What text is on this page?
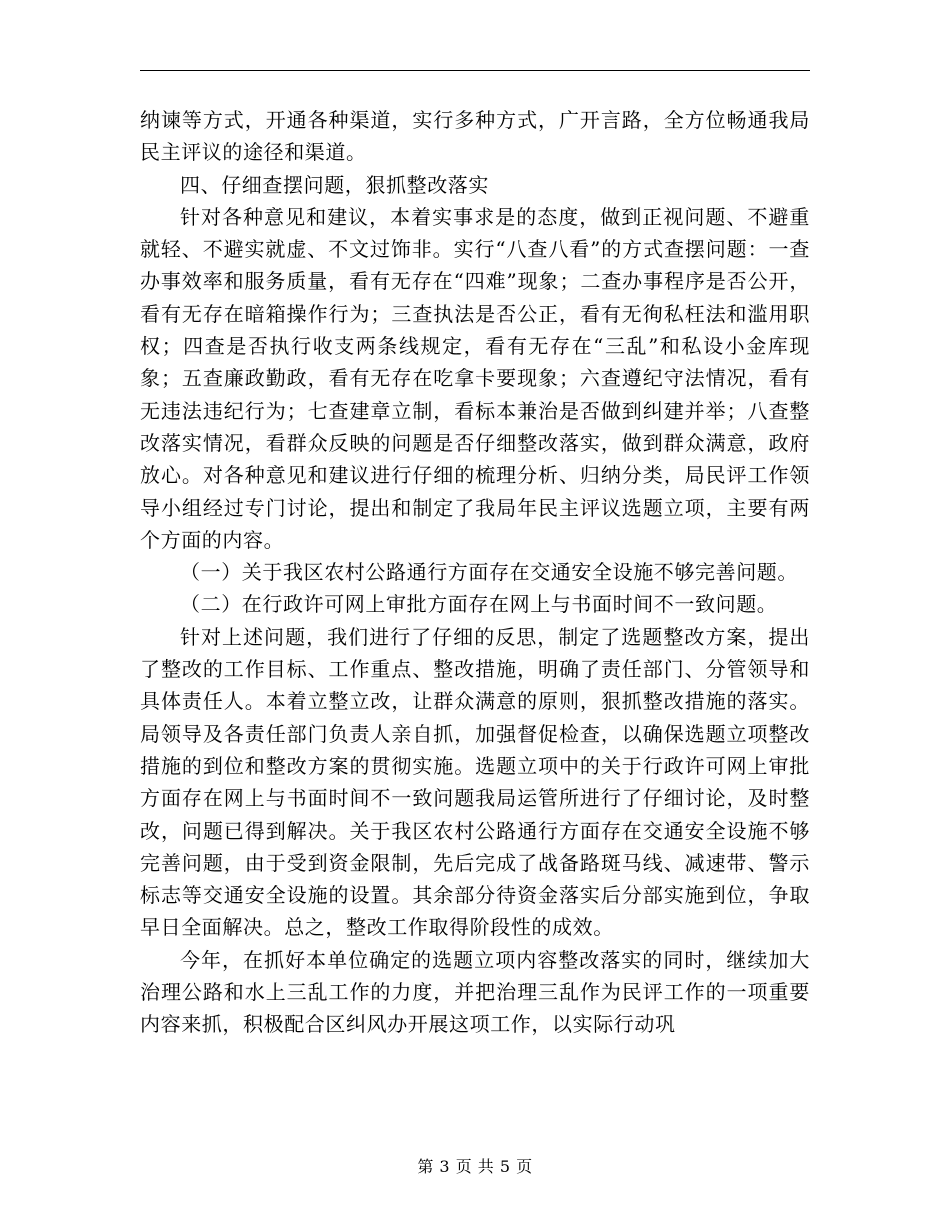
纳谏等方式，开通各种渠道，实行多种方式，广开言路，全方位畅通我局民主评议的途径和渠道。

四、仔细查摆问题，狠抓整改落实

针对各种意见和建议，本着实事求是的态度，做到正视问题、不避重就轻、不避实就虚、不文过饰非。实行“八查八看”的方式查摆问题：一查办事效率和服务质量，看有无存在“四难”现象；二查办事程序是否公开，看有无存在暗箱操作行为；三查执法是否公正，看有无徇私枉法和滥用职权；四查是否执行收支两条线规定，看有无存在“三乱”和私设小金库现象；五查廉政勤政，看有无存在吃拿卡要现象；六查遵纪守法情况，看有无违法违纪行为；七查建章立制，看标本兼治是否做到纠建并举；八查整改落实情况，看群众反映的问题是否仔细整改落实，做到群众满意，政府放心。对各种意见和建议进行仔细的梳理分析、归纳分类，局民评工作领导小组经过专门讨论，提出和制定了我局年民主评议选题立项，主要有两个方面的内容。

（一）关于我区农村公路通行方面存在交通安全设施不够完善问题。

（二）在行政许可网上审批方面存在网上与书面时间不一致问题。

针对上述问题，我们进行了仔细的反思，制定了选题整改方案，提出了整改的工作目标、工作重点、整改措施，明确了责任部门、分管领导和具体责任人。本着立整立改，让群众满意的原则，狠抓整改措施的落实。局领导及各责任部门负责人亲自抓，加强督促检查，以确保选题立项整改措施的到位和整改方案的贯彻实施。选题立项中的关于行政许可网上审批方面存在网上与书面时间不一致问题我局运管所进行了仔细讨论，及时整改，问题已得到解决。关于我区农村公路通行方面存在交通安全设施不够完善问题，由于受到资金限制，先后完成了战备路斑马线、减速带、警示标志等交通安全设施的设置。其余部分待资金落实后分部实施到位，争取早日全面解决。总之，整改工作取得阶段性的成效。

今年，在抓好本单位确定的选题立项内容整改落实的同时，继续加大治理公路和水上三乱工作的力度，并把治理三乱作为民评工作的一项重要内容来抓，积极配合区纠风办开展这项工作，以实际行动巩

第 3 页 共 5 页
